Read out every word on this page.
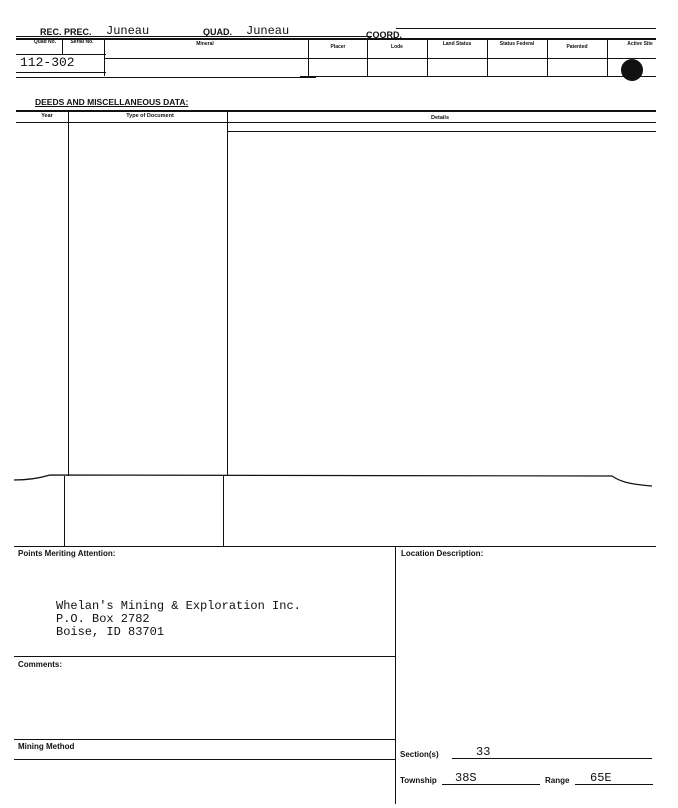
REC. PREC. Juneau	QUAD. Juneau	COORD.
Quad No.	Serial No.	Mineral	Placer	Lode	Land Status	Status Federal	Patented	Active Site
112-302
DEEDS AND MISCELLANEOUS DATA:
Year	Type of Document	Details
Points Meriting Attention:
Whelan's Mining & Exploration Inc.
P.O. Box 2782
Boise, ID 83701
Comments:
Mining Method
Location Description:
Section(s)	33
Township 38S	Range 65E
